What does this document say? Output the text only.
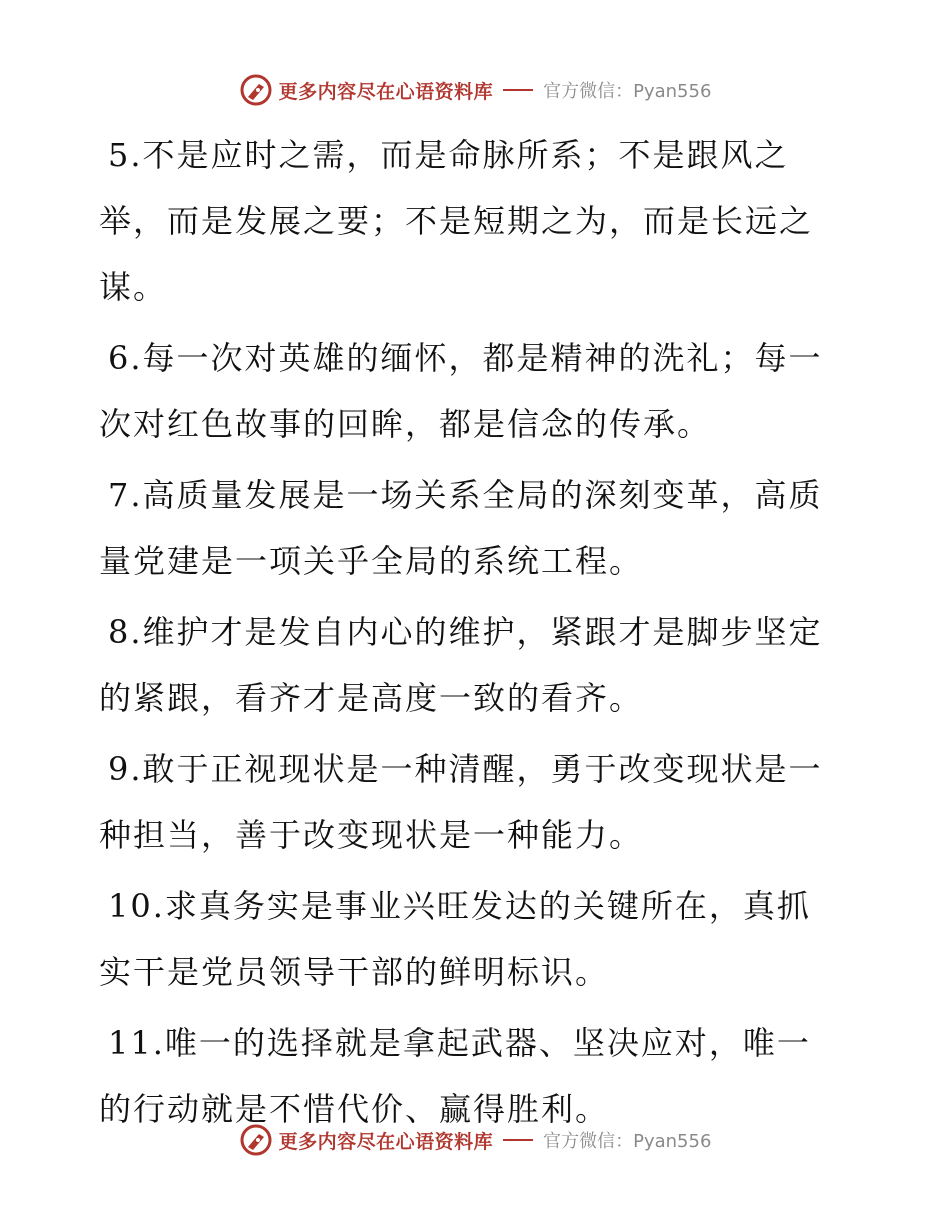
更多内容尽在心语资料库	官方微信：Pyan556

5.不是应时之需，而是命脉所系；不是跟风之举，而是发展之要；不是短期之为，而是长远之谋。

6.每一次对英雄的缅怀，都是精神的洗礼；每一次对红色故事的回眸，都是信念的传承。

7.高质量发展是一场关系全局的深刻变革，高质量党建是一项关乎全局的系统工程。

8.维护才是发自内心的维护，紧跟才是脚步坚定的紧跟，看齐才是高度一致的看齐。

9.敢于正视现状是一种清醒，勇于改变现状是一种担当，善于改变现状是一种能力。

10.求真务实是事业兴旺发达的关键所在，真抓实干是党员领导干部的鲜明标识。

11.唯一的选择就是拿起武器、坚决应对，唯一的行动就是不惜代价、赢得胜利。

更多内容尽在心语资料库	官方微信：Pyan556
